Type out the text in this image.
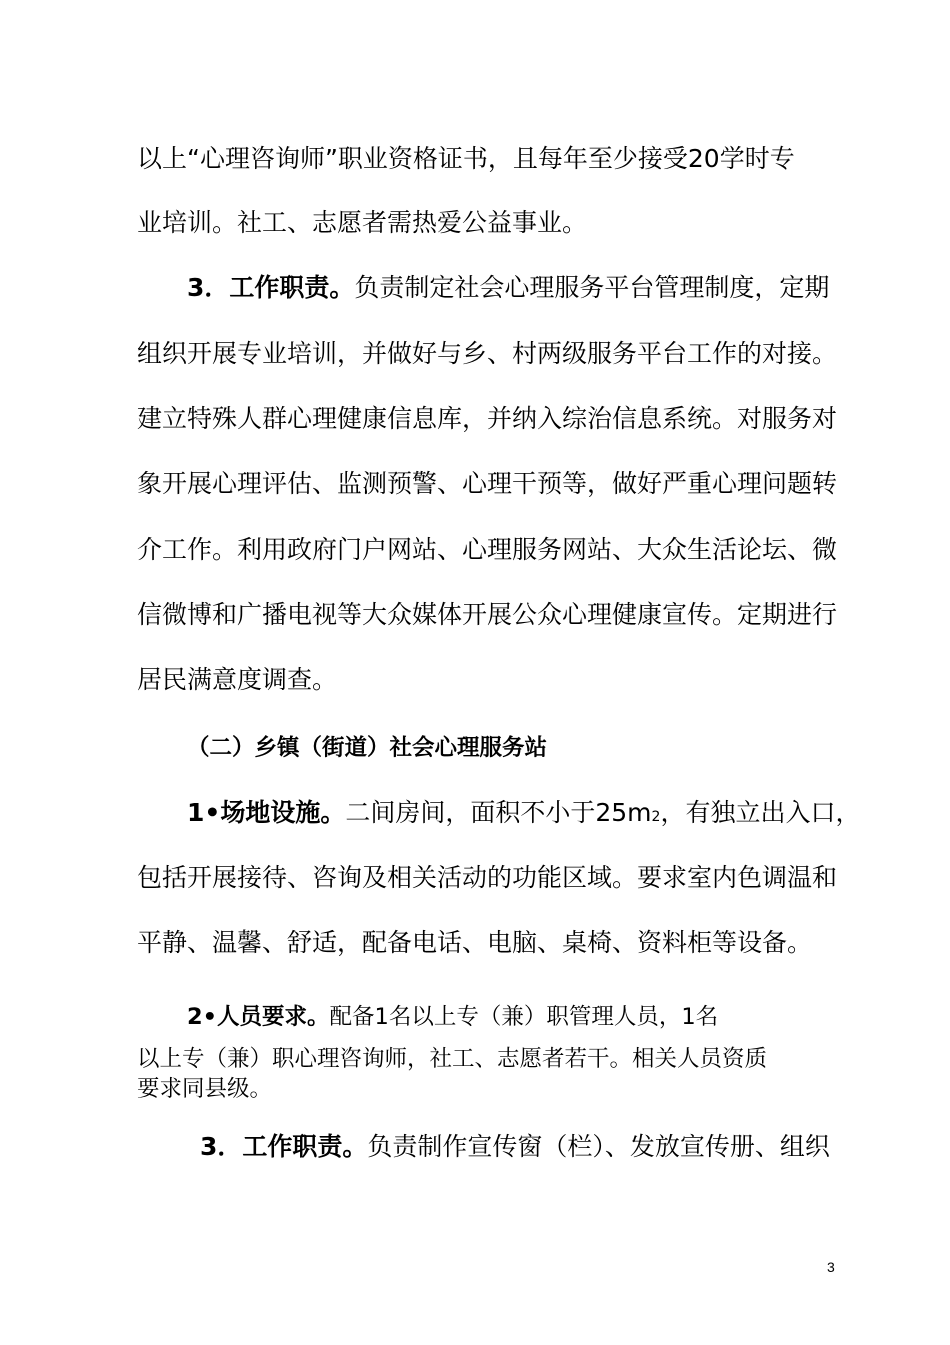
以上“心理咨询师”职业资格证书，且每年至少接受20学时专
业培训。社工、志愿者需热爱公益事业。
3．工作职责。负责制定社会心理服务平台管理制度，定期
组织开展专业培训，并做好与乡、村两级服务平台工作的对接。
建立特殊人群心理健康信息库，并纳入综治信息系统。对服务对
象开展心理评估、监测预警、心理干预等，做好严重心理问题转
介工作。利用政府门户网站、心理服务网站、大众生活论坛、微
信微博和广播电视等大众媒体开展公众心理健康宣传。定期进行
居民满意度调查。
（二）乡镇（街道）社会心理服务站
1•场地设施。二间房间，面积不小于25m2，有独立出入口，
包括开展接待、咨询及相关活动的功能区域。要求室内色调温和
平静、温馨、舒适，配备电话、电脑、桌椅、资料柜等设备。
2•人员要求。配备1名以上专（兼）职管理人员，1名
以上专（兼）职心理咨询师，社工、志愿者若干。相关人员资质
要求同县级。
3．工作职责。负责制作宣传窗（栏）、发放宣传册、组织
3
